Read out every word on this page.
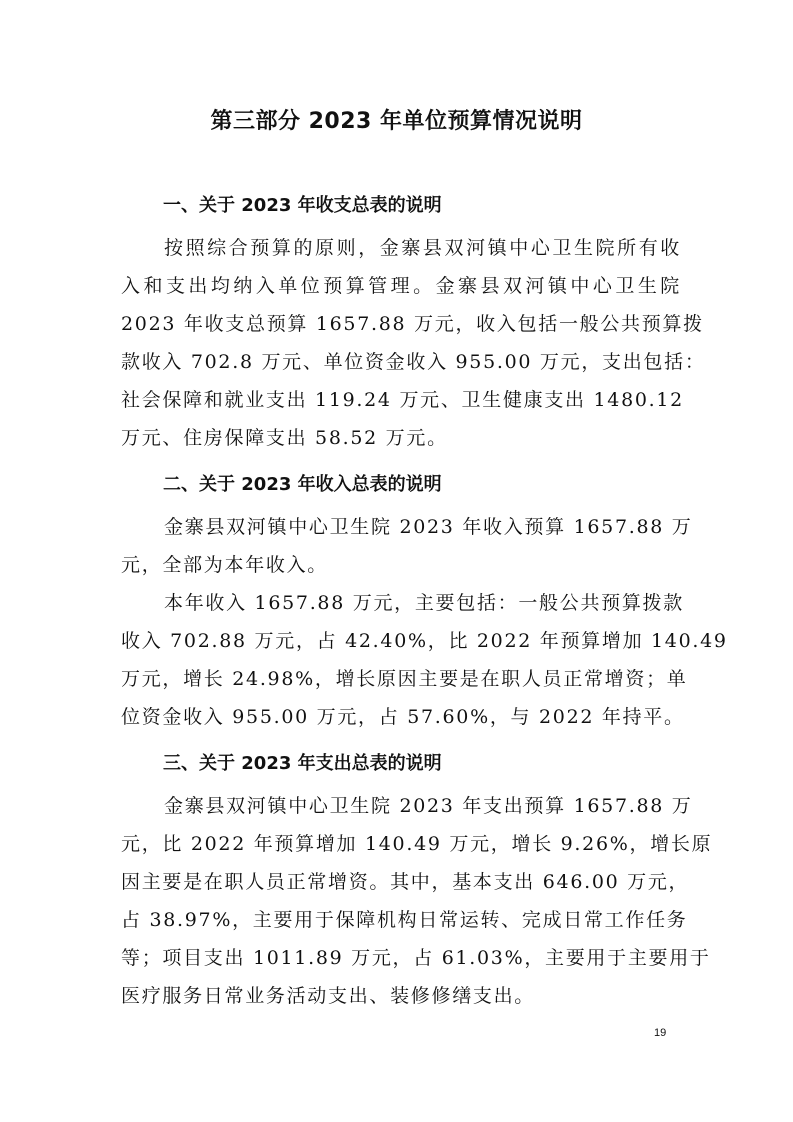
第三部分 2023 年单位预算情况说明
一、关于 2023 年收支总表的说明
按照综合预算的原则，金寨县双河镇中心卫生院所有收
入和支出均纳入单位预算管理。金寨县双河镇中心卫生院
2023 年收支总预算 1657.88 万元，收入包括一般公共预算拨
款收入 702.8 万元、单位资金收入 955.00 万元，支出包括：
社会保障和就业支出 119.24 万元、卫生健康支出 1480.12
万元、住房保障支出 58.52 万元。
二、关于 2023 年收入总表的说明
金寨县双河镇中心卫生院 2023 年收入预算 1657.88 万
元，全部为本年收入。
本年收入 1657.88 万元，主要包括：一般公共预算拨款
收入 702.88 万元，占 42.40%，比 2022 年预算增加 140.49
万元，增长 24.98%，增长原因主要是在职人员正常增资；单
位资金收入 955.00 万元，占 57.60%，与 2022 年持平。
三、关于 2023 年支出总表的说明
金寨县双河镇中心卫生院 2023 年支出预算 1657.88 万
元，比 2022 年预算增加 140.49 万元，增长 9.26%，增长原
因主要是在职人员正常增资。其中，基本支出 646.00 万元，
占 38.97%，主要用于保障机构日常运转、完成日常工作任务
等；项目支出 1011.89 万元，占 61.03%，主要用于主要用于
医疗服务日常业务活动支出、装修修缮支出。
19
